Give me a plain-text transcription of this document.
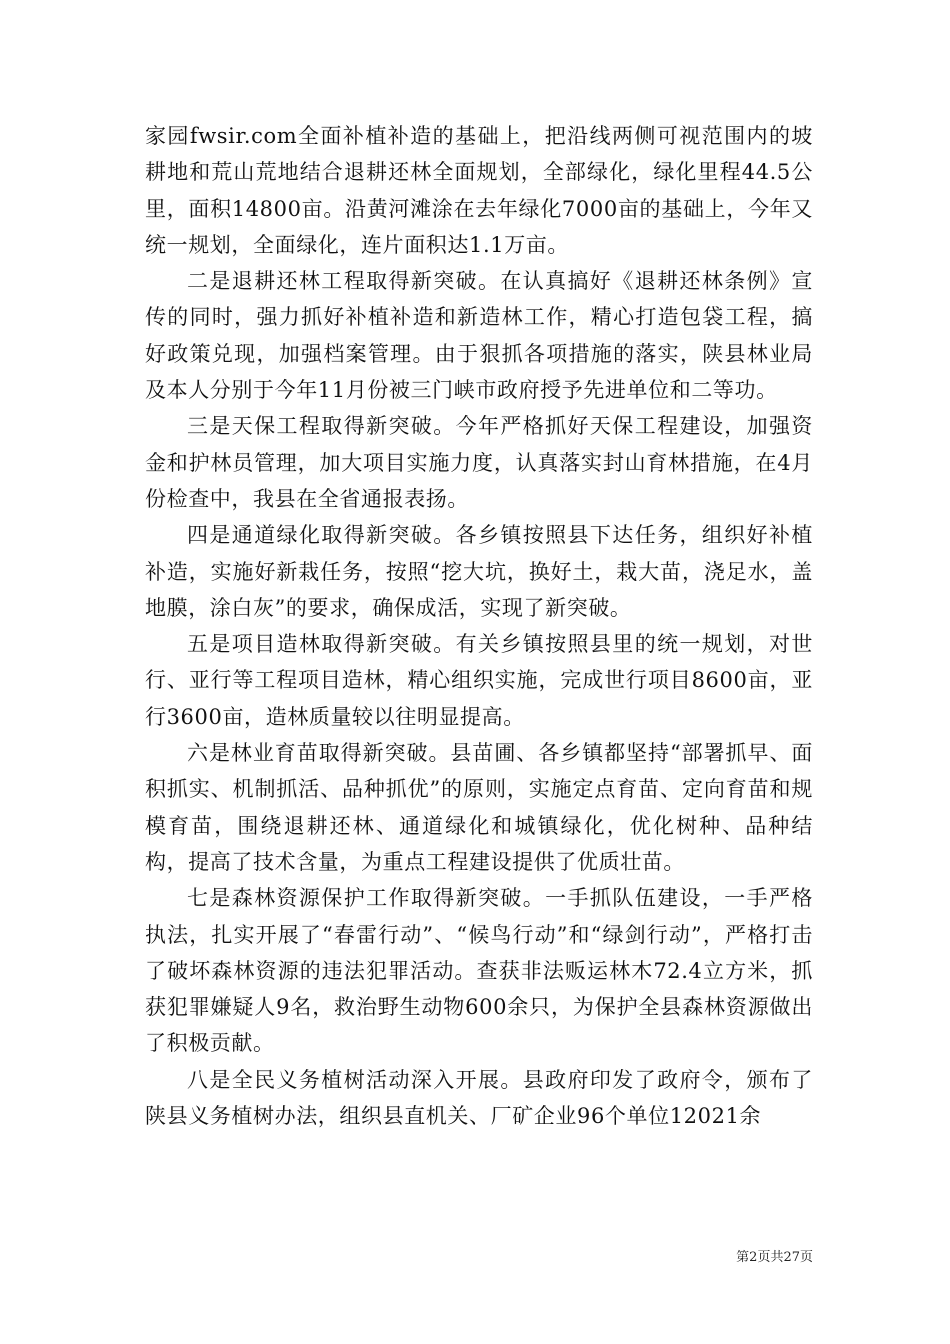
家园fwsir.com全面补植补造的基础上，把沿线两侧可视范围内的坡耕地和荒山荒地结合退耕还林全面规划，全部绿化，绿化里程44.5公里，面积14800亩。沿黄河滩涂在去年绿化7000亩的基础上，今年又统一规划，全面绿化，连片面积达1.1万亩。

二是退耕还林工程取得新突破。在认真搞好《退耕还林条例》宣传的同时，强力抓好补植补造和新造林工作，精心打造包袋工程，搞好政策兑现，加强档案管理。由于狠抓各项措施的落实，陕县林业局及本人分别于今年11月份被三门峡市政府授予先进单位和二等功。

三是天保工程取得新突破。今年严格抓好天保工程建设，加强资金和护林员管理，加大项目实施力度，认真落实封山育林措施，在4月份检查中，我县在全省通报表扬。

四是通道绿化取得新突破。各乡镇按照县下达任务，组织好补植补造，实施好新栽任务，按照“挖大坑，换好土，栽大苗，浇足水，盖地膜，涂白灰”的要求，确保成活，实现了新突破。

五是项目造林取得新突破。有关乡镇按照县里的统一规划，对世行、亚行等工程项目造林，精心组织实施，完成世行项目8600亩，亚行3600亩，造林质量较以往明显提高。

六是林业育苗取得新突破。县苗圃、各乡镇都坚持“部署抓早、面积抓实、机制抓活、品种抓优”的原则，实施定点育苗、定向育苗和规模育苗，围绕退耕还林、通道绿化和城镇绿化，优化树种、品种结构，提高了技术含量，为重点工程建设提供了优质壮苗。

七是森林资源保护工作取得新突破。一手抓队伍建设，一手严格执法，扎实开展了“春雷行动”、“候鸟行动”和“绿剑行动”，严格打击了破坏森林资源的违法犯罪活动。查获非法贩运林木72.4立方米，抓获犯罪嫌疑人9名，救治野生动物600余只，为保护全县森林资源做出了积极贡献。

八是全民义务植树活动深入开展。县政府印发了政府令，颁布了陕县义务植树办法，组织县直机关、厂矿企业96个单位12021余

第2页共27页
